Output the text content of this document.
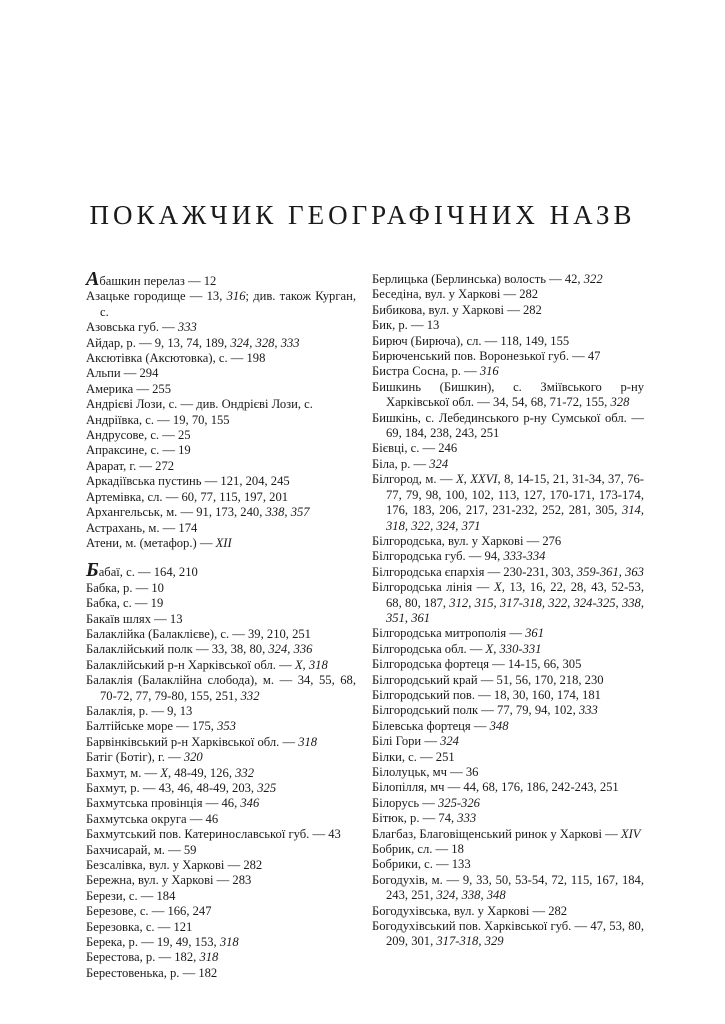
ПОКАЖЧИК ГЕОГРАФІЧНИХ НАЗВ
Абашкин перелаз — 12
Азацьке городище — 13, 316; див. також Курган, с.
Азовська губ. — 333
Айдар, р. — 9, 13, 74, 189, 324, 328, 333
Аксютівка (Аксютовка), с. — 198
Альпи — 294
Америка — 255
Андрієві Лози, с. — див. Ондрієві Лози, с.
Андріївка, с. — 19, 70, 155
Андрусове, с. — 25
Апраксине, с. — 19
Арарат, г. — 272
Аркадіївська пустинь — 121, 204, 245
Артемівка, сл. — 60, 77, 115, 197, 201
Архангельськ, м. — 91, 173, 240, 338, 357
Астрахань, м. — 174
Атени, м. (метафор.) — XII
Бабаї, с. — 164, 210
Бабка, р. — 10
Бабка, с. — 19
Бакаїв шлях — 13
Балаклійка (Балаклієве), с. — 39, 210, 251
Балаклійський полк — 33, 38, 80, 324, 336
Балаклійський р-н Харківської обл. — X, 318
Балаклія (Балаклійна слобода), м. — 34, 55, 68, 70-72, 77, 79-80, 155, 251, 332
Балаклія, р. — 9, 13
Балтійське море — 175, 353
Барвінківський р-н Харківської обл. — 318
Батіг (Ботіг), г. — 320
Бахмут, м. — X, 48-49, 126, 332
Бахмут, р. — 43, 46, 48-49, 203, 325
Бахмутська провінція — 46, 346
Бахмутська округа — 46
Бахмутський пов. Катеринославської губ. — 43
Бахчисарай, м. — 59
Безсалівка, вул. у Харкові — 282
Бережна, вул. у Харкові — 283
Берези, с. — 184
Березове, с. — 166, 247
Березовка, с. — 121
Берека, р. — 19, 49, 153, 318
Берестова, р. — 182, 318
Берестовенька, р. — 182
Берлицька (Берлинська) волость — 42, 322
Беседіна, вул. у Харкові — 282
Бибикова, вул. у Харкові — 282
Бик, р. — 13
Бирюч (Бирюча), сл. — 118, 149, 155
Бирюченський пов. Воронезької губ. — 47
Бистра Сосна, р. — 316
Бишкинь (Бишкин), с. Зміївського р-ну Харківської обл. — 34, 54, 68, 71-72, 155, 328
Бишкінь, с. Лебединського р-ну Сумської обл. — 69, 184, 238, 243, 251
Бієвці, с. — 246
Біла, р. — 324
Білгород, м. — X, XXVI, 8, 14-15, 21, 31-34, 37, 76-77, 79, 98, 100, 102, 113, 127, 170-171, 173-174, 176, 183, 206, 217, 231-232, 252, 281, 305, 314, 318, 322, 324, 371
Білгородська, вул. у Харкові — 276
Білгородська губ. — 94, 333-334
Білгородська єпархія — 230-231, 303, 359-361, 363
Білгородська лінія — X, 13, 16, 22, 28, 43, 52-53, 68, 80, 187, 312, 315, 317-318, 322, 324-325, 338, 351, 361
Білгородська митрополія — 361
Білгородська обл. — X, 330-331
Білгородська фортеця — 14-15, 66, 305
Білгородський край — 51, 56, 170, 218, 230
Білгородський пов. — 18, 30, 160, 174, 181
Білгородський полк — 77, 79, 94, 102, 333
Білевська фортеця — 348
Білі Гори — 324
Білки, с. — 251
Білолуцьк, мч — 36
Білопілля, мч — 44, 68, 176, 186, 242-243, 251
Білорусь — 325-326
Бітюк, р. — 74, 333
Благбаз, Благовіщенський ринок у Харкові — XIV
Бобрик, сл. — 18
Бобрики, с. — 133
Богодухів, м. — 9, 33, 50, 53-54, 72, 115, 167, 184, 243, 251, 324, 338, 348
Богодухівська, вул. у Харкові — 282
Богодухівський пов. Харківської губ. — 47, 53, 80, 209, 301, 317-318, 329
